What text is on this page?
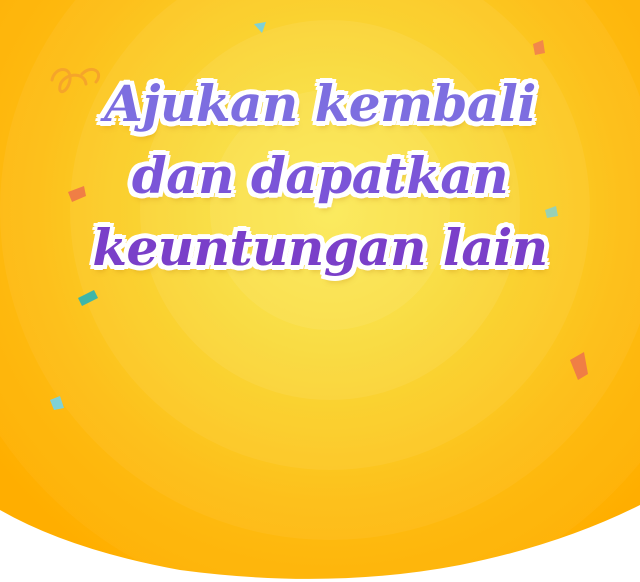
Ajukan kembali
dan dapatkan
keuntungan lain
